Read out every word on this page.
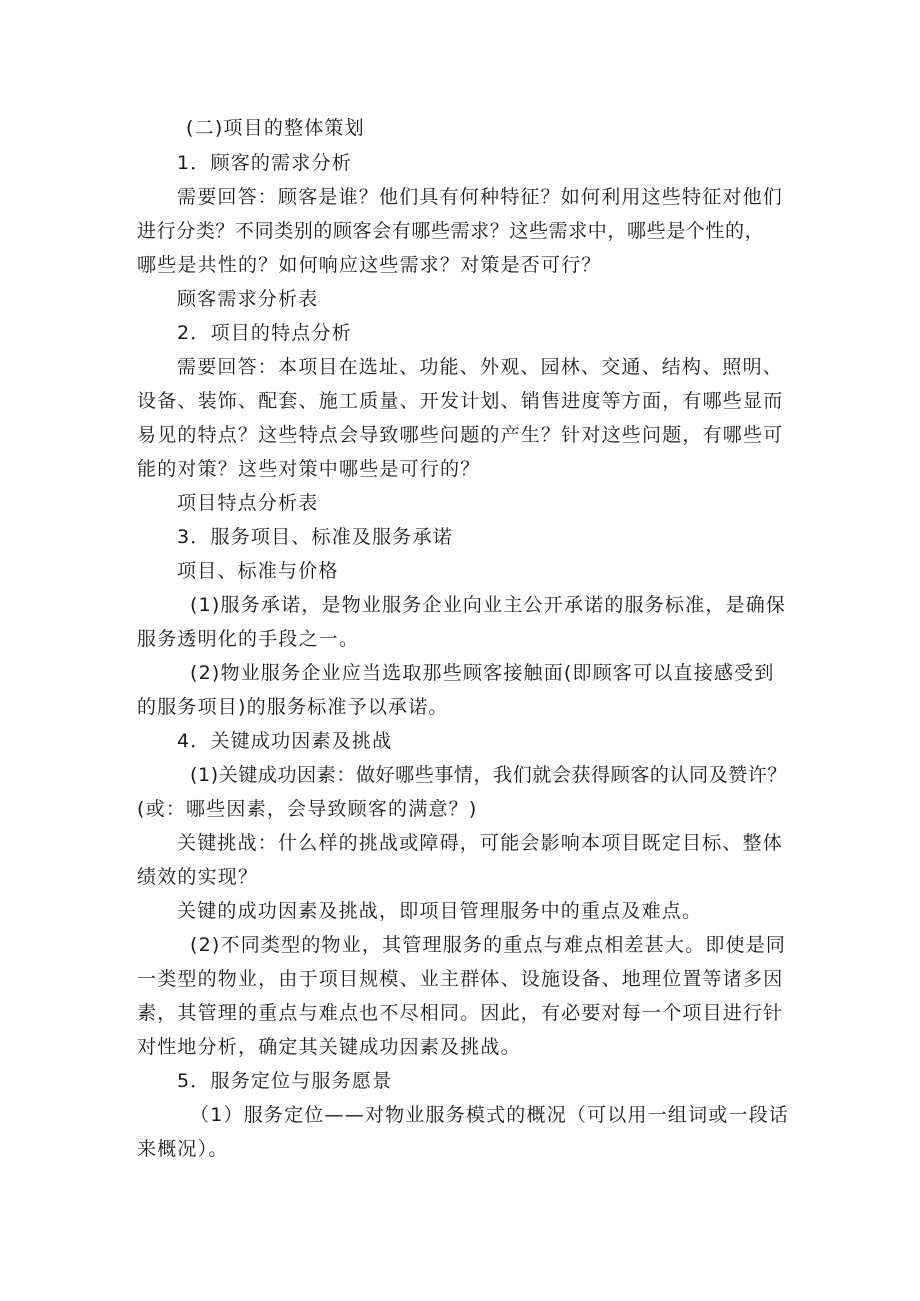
(二)项目的整体策划

1．顾客的需求分析

需要回答：顾客是谁？他们具有何种特征？如何利用这些特征对他们

进行分类？不同类别的顾客会有哪些需求？这些需求中，哪些是个性的，

哪些是共性的？如何响应这些需求？对策是否可行？

顾客需求分析表

2．项目的特点分析

需要回答：本项目在选址、功能、外观、园林、交通、结构、照明、

设备、装饰、配套、施工质量、开发计划、销售进度等方面，有哪些显而

易见的特点？这些特点会导致哪些问题的产生？针对这些问题，有哪些可

能的对策？这些对策中哪些是可行的？

项目特点分析表

3．服务项目、标准及服务承诺

项目、标准与价格

(1)服务承诺，是物业服务企业向业主公开承诺的服务标准，是确保

服务透明化的手段之一。

(2)物业服务企业应当选取那些顾客接触面(即顾客可以直接感受到

的服务项目)的服务标准予以承诺。

4．关键成功因素及挑战

(1)关键成功因素：做好哪些事情，我们就会获得顾客的认同及赞许？

(或：哪些因素，会导致顾客的满意？)

关键挑战：什么样的挑战或障碍，可能会影响本项目既定目标、整体

绩效的实现？

关键的成功因素及挑战，即项目管理服务中的重点及难点。

(2)不同类型的物业，其管理服务的重点与难点相差甚大。即使是同

一类型的物业，由于项目规模、业主群体、设施设备、地理位置等诸多因

素，其管理的重点与难点也不尽相同。因此，有必要对每一个项目进行针

对性地分析，确定其关键成功因素及挑战。

5．服务定位与服务愿景

（1）服务定位——对物业服务模式的概况（可以用一组词或一段话

来概况）。
